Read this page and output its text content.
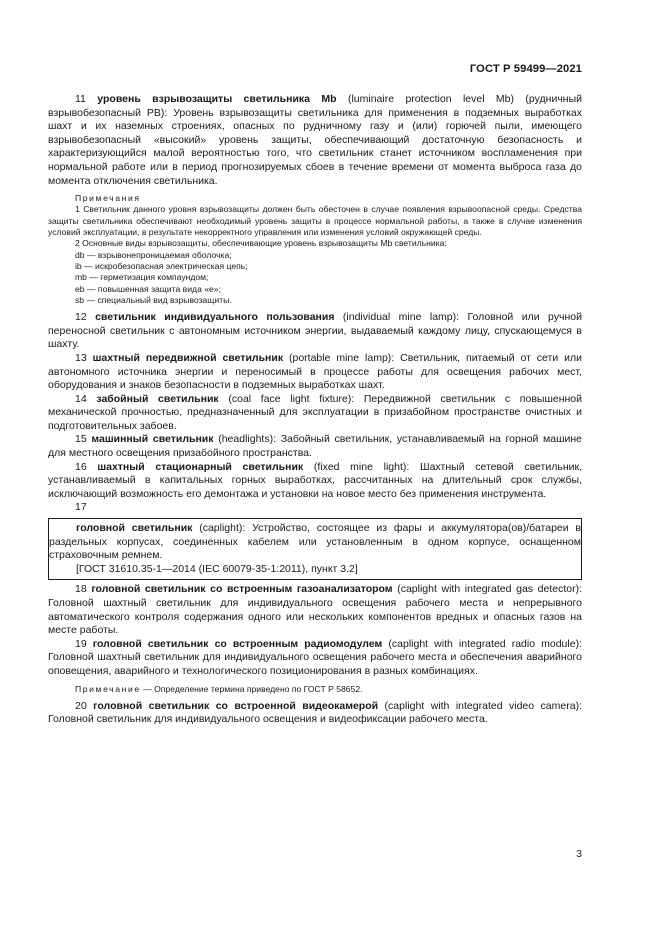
ГОСТ Р 59499—2021

11 уровень взрывозащиты светильника Mb (luminaire protection level Mb) (рудничный взрывобезопасный РВ): Уровень взрывозащиты светильника для применения в подземных выработках шахт и их наземных строениях, опасных по рудничному газу и (или) горючей пыли, имеющего взрывобезопасный «высокий» уровень защиты, обеспечивающий достаточную безопасность и характеризующийся малой вероятностью того, что светильник станет источником воспламенения при нормальной работе или в период прогнозируемых сбоев в течение времени от момента выброса газа до момента отключения светильника.

Примечания

1 Светильник данного уровня взрывозащиты должен быть обесточен в случае появления взрывоопасной среды. Средства защиты светильника обеспечивают необходимый уровень защиты в процессе нормальной работы, а также в случае изменения условий эксплуатации, в результате некорректного управления или изменения условий окружающей среды.

2 Основные виды взрывозащиты, обеспечивающие уровень взрывозащиты Mb светильника:

db — взрывонепроницаемая оболочка;

ib — искробезопасная электрическая цепь;

mb — герметизация компаундом;

eb — повышенная защита вида «е»;

sb — специальный вид взрывозащиты.

12 светильник индивидуального пользования (individual mine lamp): Головной или ручной переносной светильник с автономным источником энергии, выдаваемый каждому лицу, спускающемуся в шахту.

13 шахтный передвижной светильник (portable mine lamp): Светильник, питаемый от сети или автономного источника энергии и переносимый в процессе работы для освещения рабочих мест, оборудования и знаков безопасности в подземных выработках шахт.

14 забойный светильник (coal face light fixture): Передвижной светильник с повышенной механической прочностью, предназначенный для эксплуатации в призабойном пространстве очистных и подготовительных забоев.

15 машинный светильник (headlights): Забойный светильник, устанавливаемый на горной машине для местного освещения призабойного пространства.

16 шахтный стационарный светильник (fixed mine light): Шахтный сетевой светильник, устанавливаемый в капитальных горных выработках, рассчитанных на длительный срок службы, исключающий возможность его демонтажа и установки на новое место без применения инструмента.

17

головной светильник (caplight): Устройство, состоящее из фары и аккумулятора(ов)/батареи в раздельных корпусах, соединенных кабелем или установленным в одном корпусе, оснащенном страховочным ремнем.

[ГОСТ 31610.35-1—2014 (IEC 60079-35-1:2011), пункт 3.2]

18 головной светильник со встроенным газоанализатором (caplight with integrated gas detector): Головной шахтный светильник для индивидуального освещения рабочего места и непрерывного автоматического контроля содержания одного или нескольких компонентов вредных и опасных газов на месте работы.

19 головной светильник со встроенным радиомодулем (caplight with integrated radio module): Головной шахтный светильник для индивидуального освещения рабочего места и обеспечения аварийного оповещения, аварийного и технологического позиционирования в разных комбинациях.

Примечание — Определение термина приведено по ГОСТ Р 58652.

20 головной светильник со встроенной видеокамерой (caplight with integrated video camera): Головной светильник для индивидуального освещения и видеофиксации рабочего места.

3
